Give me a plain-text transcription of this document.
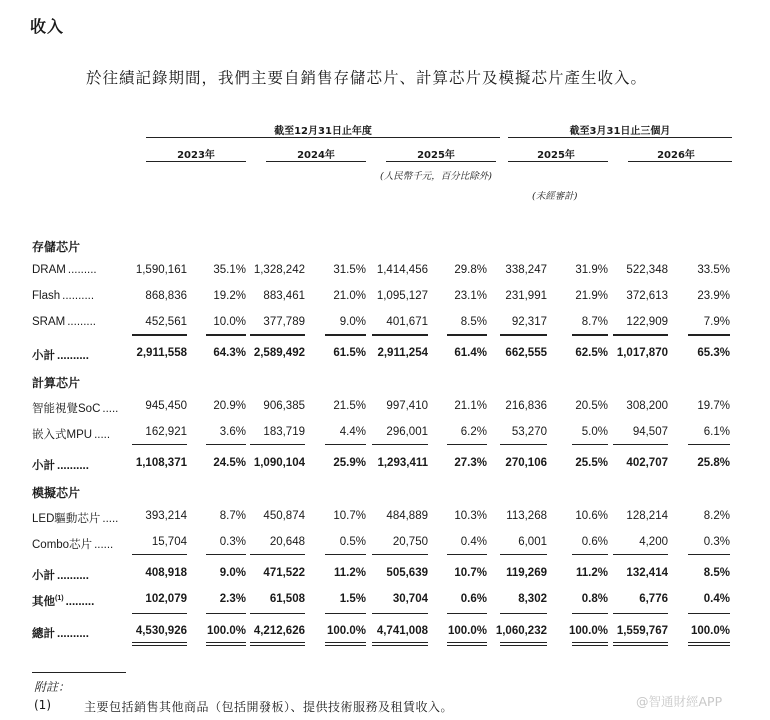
收入
於往績記錄期間，我們主要自銷售存儲芯片、計算芯片及模擬芯片產生收入。
截至12月31日止年度	截至3月31日止三個月
2023年	2024年	2025年	2025年	2026年
(人民幣千元，百分比除外)
(未經審計)
存儲芯片
計算芯片
模擬芯片
DRAM .........	1,590,161 35.1% 1,328,242 31.5% 1,414,456 29.8% 338,247 31.9% 522,348	33.5%
Flash ..........	868,836 19.2% 883,461 21.0% 1,095,127 23.1% 231,991 21.9% 372,613	23.9%
SRAM .........	452,561 10.0% 377,789	9.0% 401,671	8.5% 92,317	8.7% 122,909	7.9%
小計 ..........	2,911,558 64.3% 2,589,492 61.5% 2,911,254 61.4% 662,555 62.5% 1,017,870	65.3%
智能視覺SoC ..... 945,450 20.9% 906,385 21.5% 997,410 21.1% 216,836 20.5% 308,200	19.7%
嵌入式MPU .....	162,921	3.6% 183,719	4.4% 296,001	6.2% 53,270	5.0% 94,507	6.1%
小計 ..........	1,108,371 24.5% 1,090,104 25.9% 1,293,411 27.3% 270,106 25.5% 402,707	25.8%
LED驅動芯片 ..... 393,214	8.7% 450,874 10.7% 484,889 10.3% 113,268 10.6% 128,214	8.2%
Combo芯片 ......	15,704	0.3% 20,648	0.5% 20,750	0.4%	6,001	0.6%	4,200	0.3%
小計 ..........	408,918	9.0% 471,522	11.2% 505,639 10.7% 119,269	11.2% 132,414	8.5%
其他$^{(1)}$ .........	102,079	2.3% 61,508	1.5% 30,704	0.6%	8,302	0.8%	6,776	0.4%
總計 ..........	4,530,926 100.0% 4,212,626 100.0% 4,741,008 100.0% 1,060,232 100.0% 1,559,767 100.0%
附註：
(1)	主要包括銷售其他商品（包括開發板）、提供技術服務及租賃收入。	@智通財經APP
